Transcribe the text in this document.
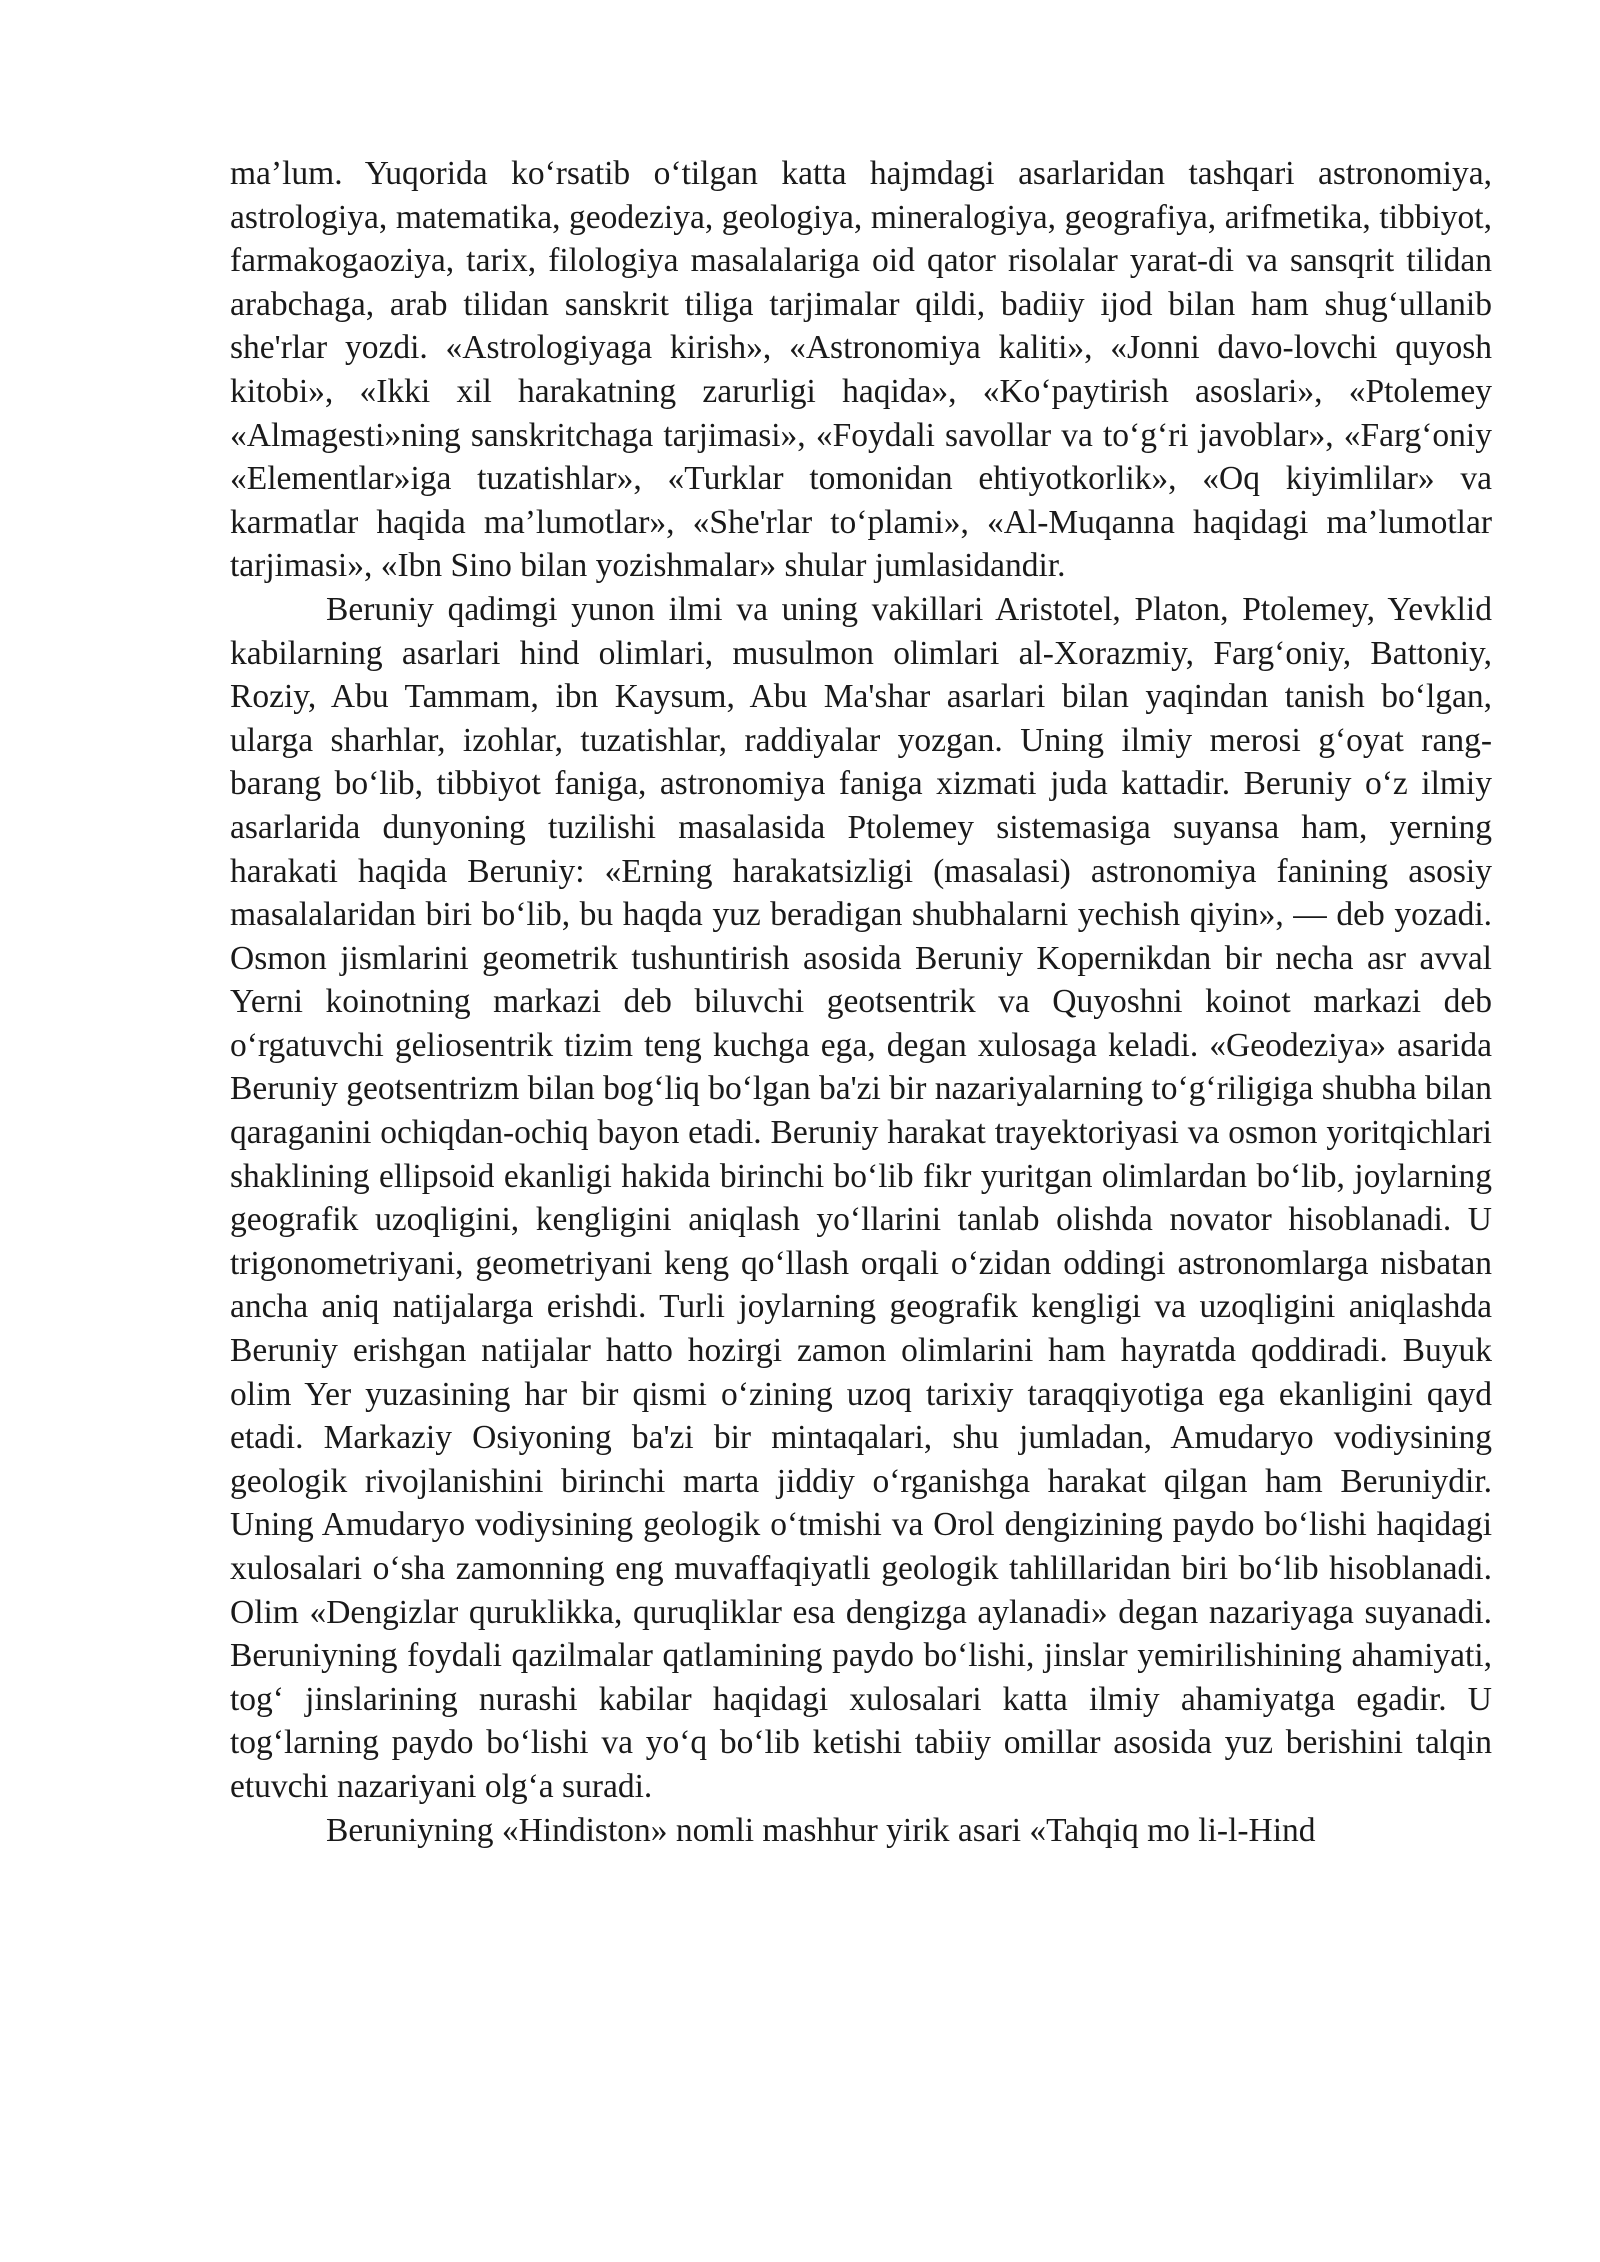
ma’lum. Yuqorida ko‘rsatib o‘tilgan katta hajmdagi asarlaridan tashqari astronomiya, astrologiya, matematika, geodeziya, geologiya, mineralogiya, geografiya, arifmetika, tibbiyot, farmakogaoziya, tarix, filologiya masalalariga oid qator risolalar yarat-di va sansqrit tilidan arabchaga, arab tilidan sanskrit tiliga tarjimalar qildi, badiiy ijod bilan ham shug‘ullanib she'rlar yozdi. «Astrologiyaga kirish», «Astronomiya kaliti», «Jonni davo-lovchi quyosh kitobi», «Ikki xil harakatning zarurligi haqida», «Ko‘paytirish asoslari», «Ptolemey «Almagesti»ning sanskritchaga tarjimasi», «Foydali savollar va to‘g‘ri javoblar», «Farg‘oniy «Elementlar»iga tuzatishlar», «Turklar tomonidan ehtiyotkorlik», «Oq kiyimlilar» va karmatlar haqida ma’lumotlar», «She'rlar to‘plami», «Al-Muqanna haqidagi ma’lumotlar tarjimasi», «Ibn Sino bilan yozishmalar» shular jumlasidandir.

Beruniy qadimgi yunon ilmi va uning vakillari Aristotel, Platon, Ptolemey, Yevklid kabilarning asarlari hind olimlari, musulmon olimlari al-Xorazmiy, Farg‘oniy, Battoniy, Roziy, Abu Tammam, ibn Kaysum, Abu Ma'shar asarlari bilan yaqindan tanish bo‘lgan, ularga sharhlar, izohlar, tuzatishlar, raddiyalar yozgan. Uning ilmiy merosi g‘oyat rang-barang bo‘lib, tibbiyot faniga, astronomiya faniga xizmati juda kattadir. Beruniy o‘z ilmiy asarlarida dunyoning tuzilishi masalasida Ptolemey sistemasiga suyansa ham, yerning harakati haqida Beruniy: «Erning harakatsizligi (masalasi) astronomiya fanining asosiy masalalaridan biri bo‘lib, bu haqda yuz beradigan shubhalarni yechish qiyin», — deb yozadi. Osmon jismlarini geometrik tushuntirish asosida Beruniy Kopernikdan bir necha asr avval Yerni koinotning markazi deb biluvchi geotsentrik va Quyoshni koinot markazi deb o‘rgatuvchi geliosentrik tizim teng kuchga ega, degan xulosaga keladi. «Geodeziya» asarida Beruniy geotsentrizm bilan bog‘liq bo‘lgan ba'zi bir nazariyalarning to‘g‘riligiga shubha bilan qaraganini ochiqdan-ochiq bayon etadi. Beruniy harakat trayektoriyasi va osmon yoritqichlari shaklining ellipsoid ekanligi hakida birinchi bo‘lib fikr yuritgan olimlardan bo‘lib, joylarning geografik uzoqligini, kengligini aniqlash yo‘llarini tanlab olishda novator hisoblanadi. U trigonometriyani, geometriyani keng qo‘llash orqali o‘zidan oddingi astronomlarga nisbatan ancha aniq natijalarga erishdi. Turli joylarning geografik kengligi va uzoqligini aniqlashda Beruniy erishgan natijalar hatto hozirgi zamon olimlarini ham hayratda qoddiradi. Buyuk olim Yer yuzasining har bir qismi o‘zining uzoq tarixiy taraqqiyotiga ega ekanligini qayd etadi. Markaziy Osiyoning ba'zi bir mintaqalari, shu jumladan, Amudaryo vodiysining geologik rivojlanishini birinchi marta jiddiy o‘rganishga harakat qilgan ham Beruniydir. Uning Amudaryo vodiysining geologik o‘tmishi va Orol dengizining paydo bo‘lishi haqidagi xulosalari o‘sha zamonning eng muvaffaqiyatli geologik tahlillaridan biri bo‘lib hisoblanadi. Olim «Dengizlar quruklikka, quruqliklar esa dengizga aylanadi» degan nazariyaga suyanadi. Beruniyning foydali qazilmalar qatlamining paydo bo‘lishi, jinslar yemirilishining ahamiyati, tog‘ jinslarining nurashi kabilar haqidagi xulosalari katta ilmiy ahamiyatga egadir. U tog‘larning paydo bo‘lishi va yo‘q bo‘lib ketishi tabiiy omillar asosida yuz berishini talqin etuvchi nazariyani olg‘a suradi.

Beruniyning «Hindiston» nomli mashhur yirik asari «Tahqiq mo li-l-Hind
